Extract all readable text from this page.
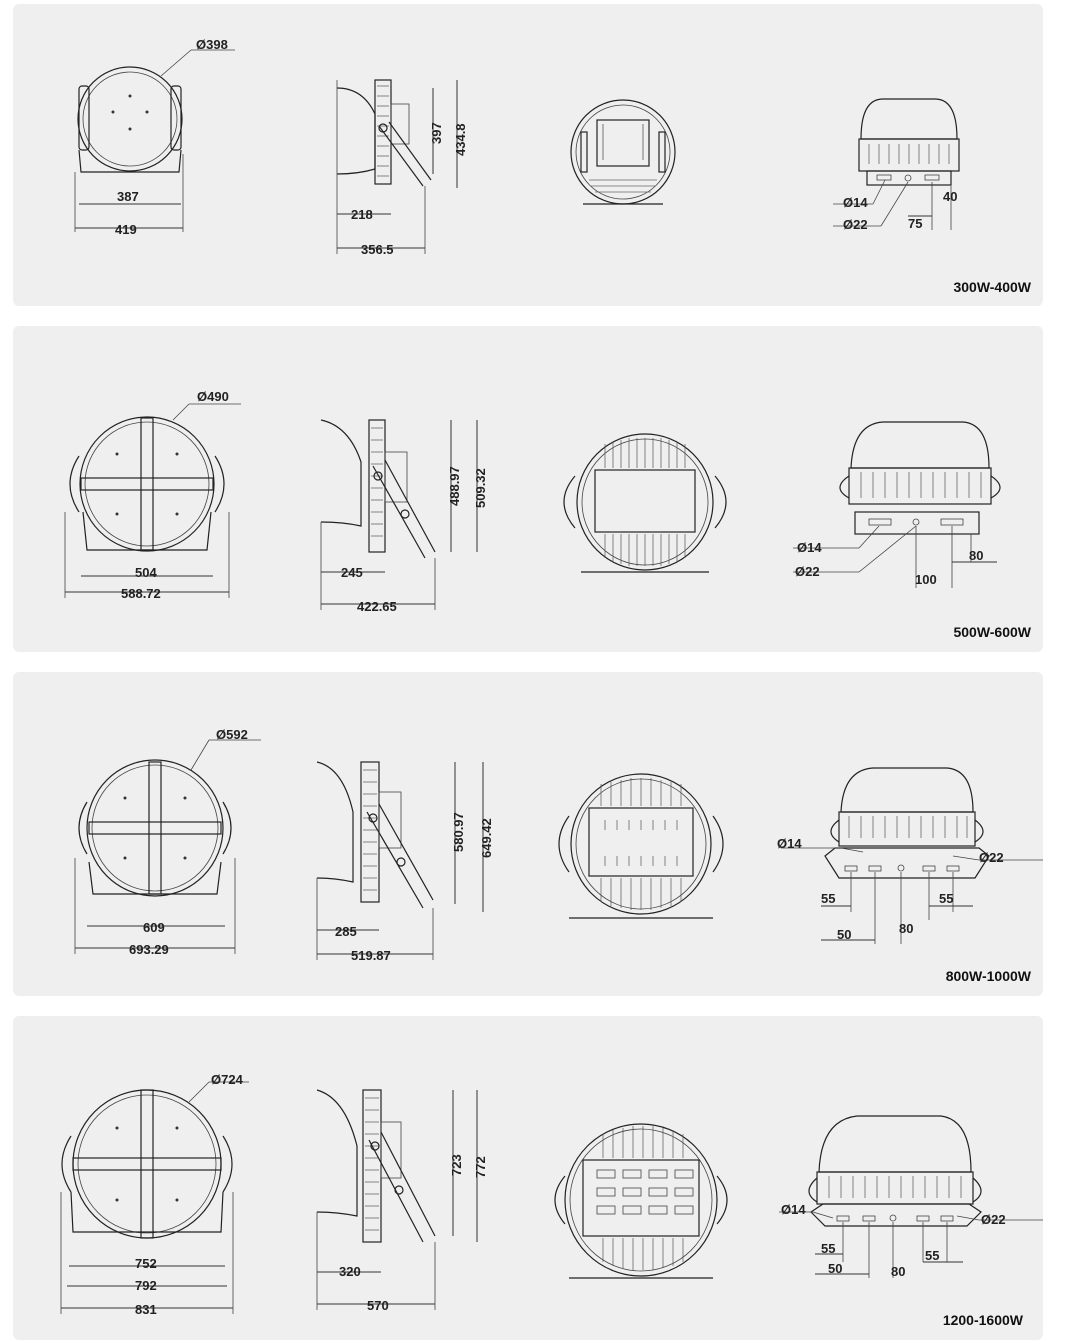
Ø398
387
419
397 434.8
218
356.5
Ø14
Ø22
40
75
300W-400W
Ø490
504
588.72
488.97 509.32
245
422.65
Ø14
Ø22
80
100
500W-600W
Ø592
609
693.29
580.97 649.42
285
519.87
Ø14
Ø22
55	55
50	80
800W-1000W
Ø724
752
792
831
723 772
320
570
Ø14
Ø22
55	55
50	80
1200-1600W
